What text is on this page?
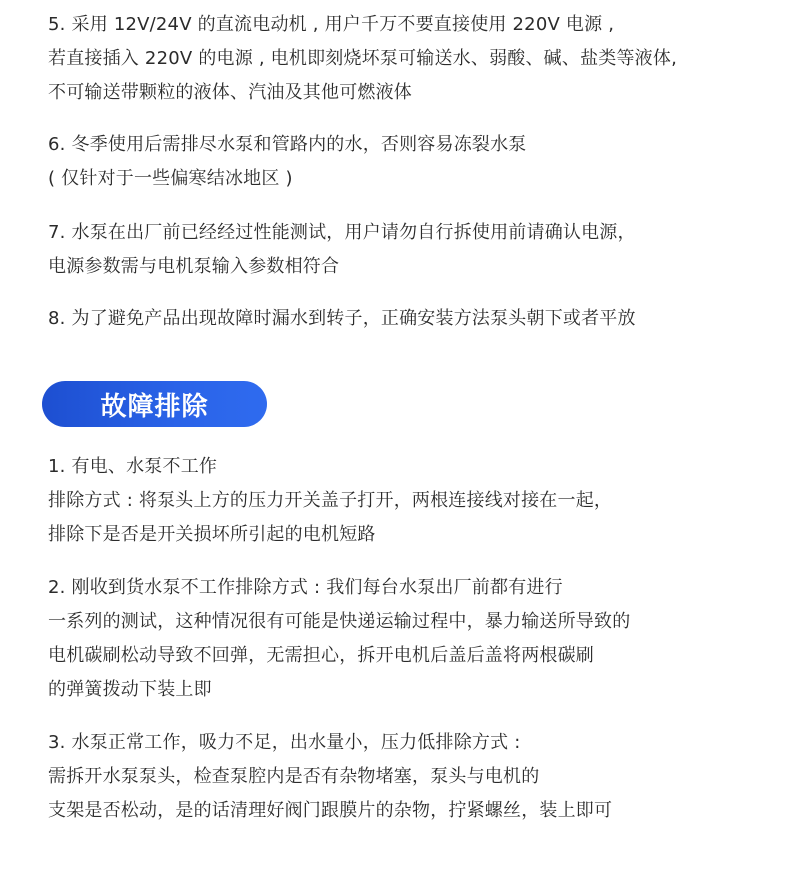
5. 采用 12V/24V 的直流电动机 , 用户千万不要直接使用 220V 电源 ,
若直接插入 220V 的电源 , 电机即刻烧坏泵可输送水、弱酸、碱、盐类等液体,
不可输送带颗粒的液体、汽油及其他可燃液体
6. 冬季使用后需排尽水泵和管路内的水，否则容易冻裂水泵
( 仅针对于一些偏寒结冰地区 )
7. 水泵在出厂前已经经过性能测试，用户请勿自行拆使用前请确认电源，
电源参数需与电机泵输入参数相符合
8. 为了避免产品出现故障时漏水到转子，正确安装方法泵头朝下或者平放
故障排除
1. 有电、水泵不工作
排除方式 : 将泵头上方的压力开关盖子打开，两根连接线对接在一起，
排除下是否是开关损坏所引起的电机短路
2. 刚收到货水泵不工作排除方式 : 我们每台水泵出厂前都有进行
一系列的测试，这种情况很有可能是快递运输过程中，暴力输送所导致的
电机碳刷松动导致不回弹，无需担心，拆开电机后盖后盖将两根碳刷
的弹簧拨动下装上即
3. 水泵正常工作，吸力不足，出水量小，压力低排除方式 :
需拆开水泵泵头，检查泵腔内是否有杂物堵塞，泵头与电机的
支架是否松动，是的话清理好阀门跟膜片的杂物，拧紧螺丝，装上即可
